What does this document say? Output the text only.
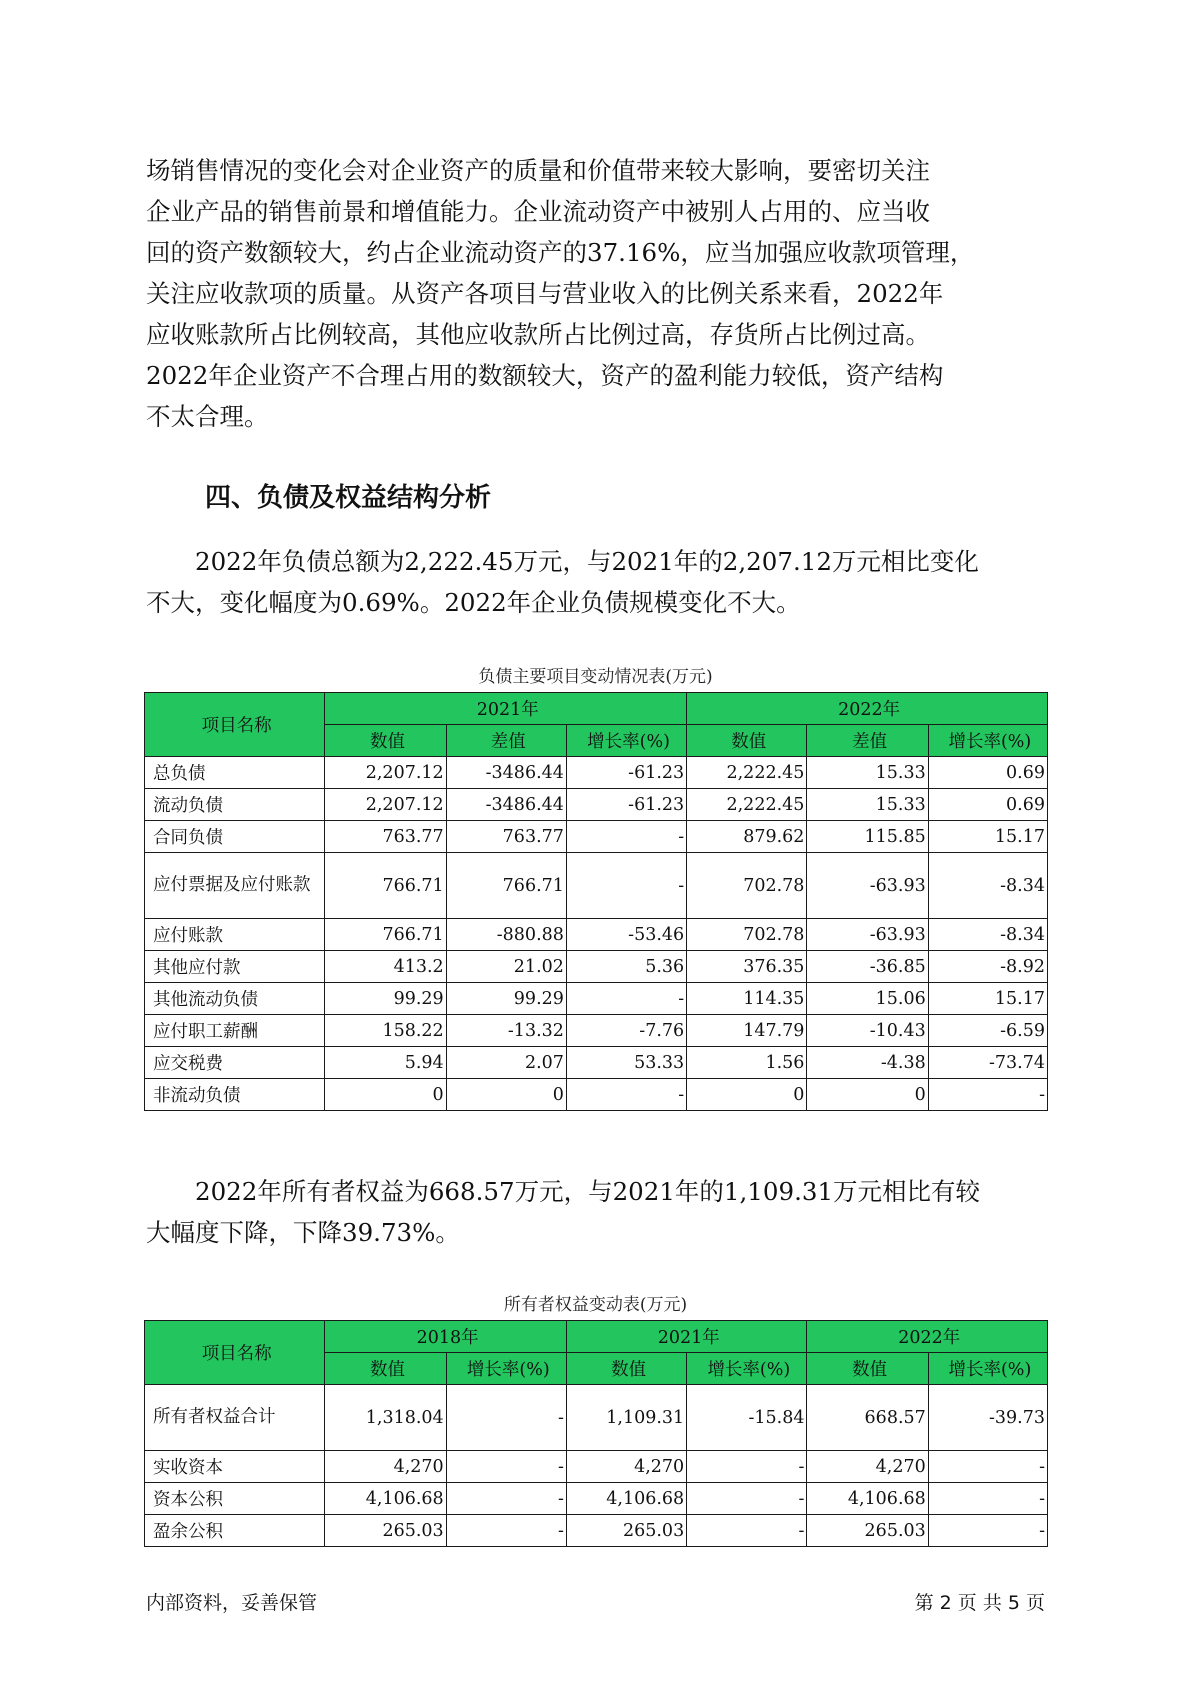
场销售情况的变化会对企业资产的质量和价值带来较大影响，要密切关注
企业产品的销售前景和增值能力。企业流动资产中被别人占用的、应当收
回的资产数额较大，约占企业流动资产的37.16%，应当加强应收款项管理，
关注应收款项的质量。从资产各项目与营业收入的比例关系来看，2022年
应收账款所占比例较高，其他应收款所占比例过高，存货所占比例过高。
2022年企业资产不合理占用的数额较大，资产的盈利能力较低，资产结构
不太合理。

四、负债及权益结构分析

　　2022年负债总额为2,222.45万元，与2021年的2,207.12万元相比变化
不大，变化幅度为0.69%。2022年企业负债规模变化不大。

负债主要项目变动情况表(万元)
项目名称	2021年			2022年		
	数值	差值	增长率(%)	数值	差值	增长率(%)
总负债	2,207.12	-3486.44	-61.23	2,222.45	15.33	0.69
流动负债	2,207.12	-3486.44	-61.23	2,222.45	15.33	0.69
合同负债	763.77	763.77	-	879.62	115.85	15.17
应付票据及应付账款	766.71	766.71	-	702.78	-63.93	-8.34
应付账款	766.71	-880.88	-53.46	702.78	-63.93	-8.34
其他应付款	413.2	21.02	5.36	376.35	-36.85	-8.92
其他流动负债	99.29	99.29	-	114.35	15.06	15.17
应付职工薪酬	158.22	-13.32	-7.76	147.79	-10.43	-6.59
应交税费	5.94	2.07	53.33	1.56	-4.38	-73.74
非流动负债	0	0	-	0	0	-

　　2022年所有者权益为668.57万元，与2021年的1,109.31万元相比有较
大幅度下降，下降39.73%。

所有者权益变动表(万元)
项目名称	2018年		2021年		2022年	
	数值	增长率(%)	数值	增长率(%)	数值	增长率(%)
所有者权益合计	1,318.04	-	1,109.31	-15.84	668.57	-39.73
实收资本	4,270	-	4,270	-	4,270	-
资本公积	4,106.68	-	4,106.68	-	4,106.68	-
盈余公积	265.03	-	265.03	-	265.03	-
内部资料，妥善保管	第 2 页 共 5 页
